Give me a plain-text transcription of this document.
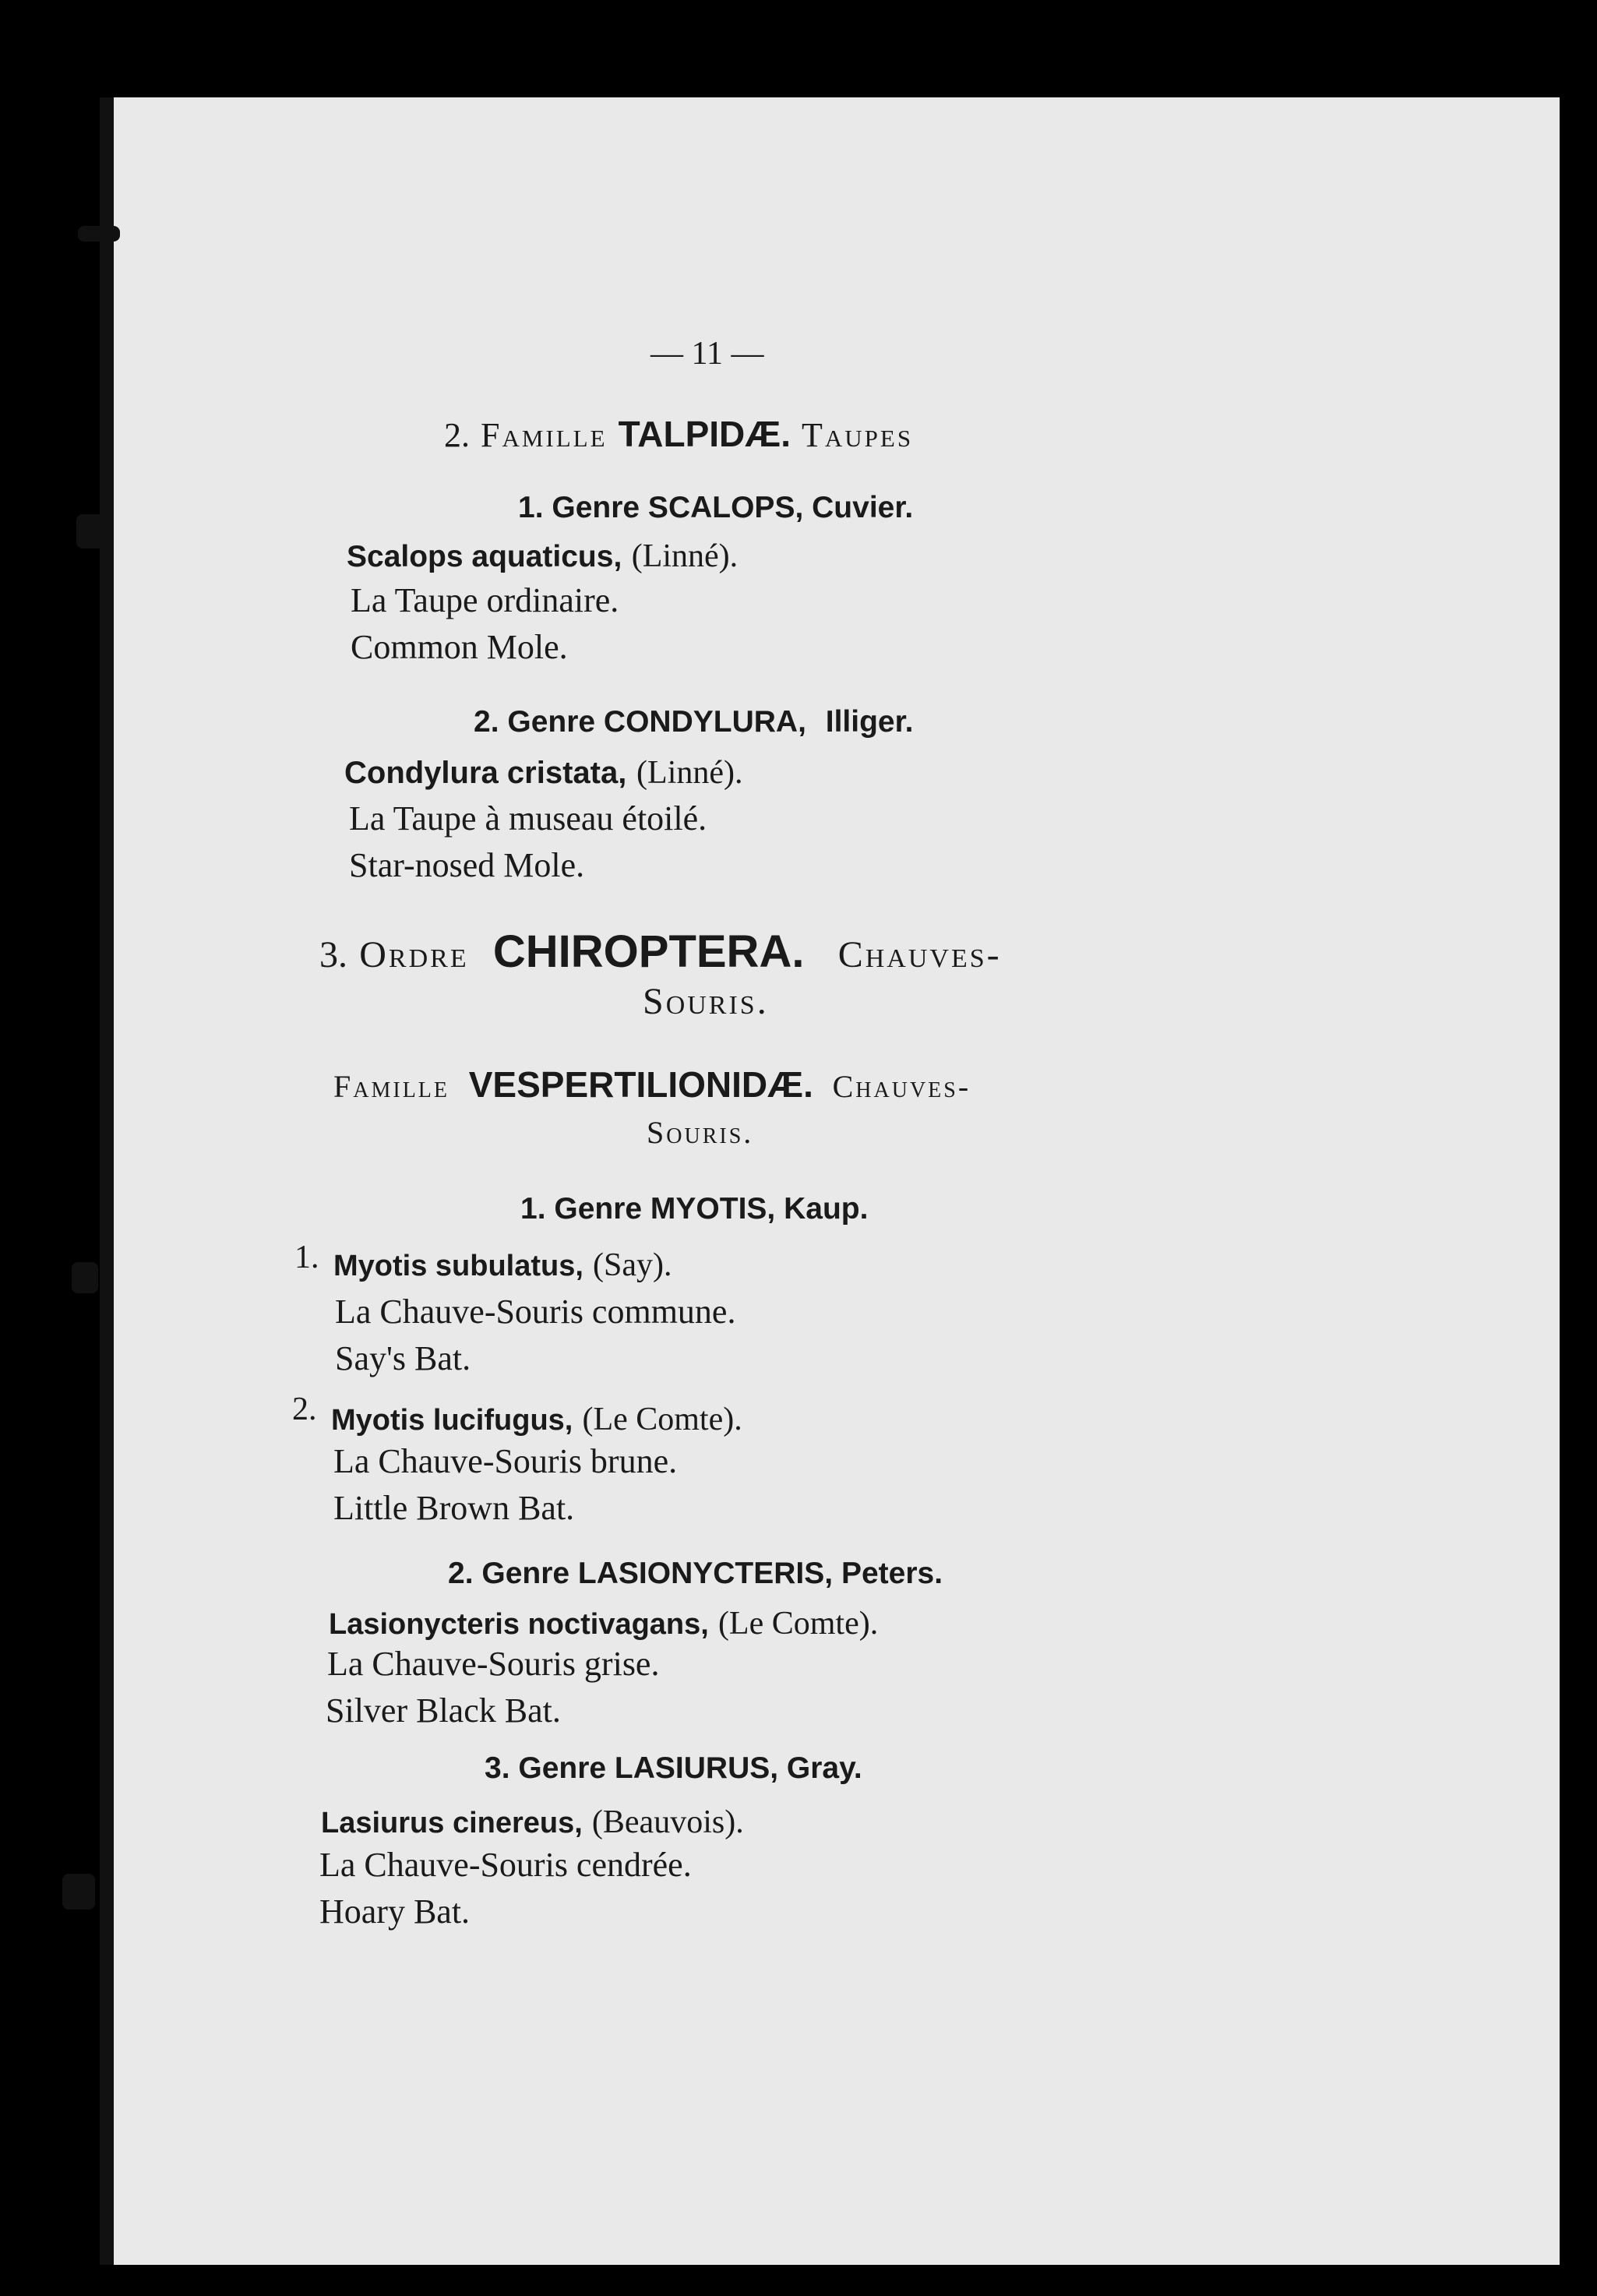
— 11 —
2. Famille TALPIDÆ. Taupes
1. Genre SCALOPS, Cuvier.
Scalops aquaticus, (Linné).
La Taupe ordinaire.
Common Mole.
2. Genre CONDYLURA, Illiger.
Condylura cristata, (Linné).
La Taupe à museau étoilé.
Star-nosed Mole.
3. Ordre CHIROPTERA. Chauves-
Souris.
Famille VESPERTILIONIDÆ. Chauves-
Souris.
1. Genre MYOTIS, Kaup.
1. Myotis subulatus, (Say).
La Chauve-Souris commune.
Say's Bat.
2. Myotis lucifugus, (Le Comte).
La Chauve-Souris brune.
Little Brown Bat.
2. Genre LASIONYCTERIS, Peters.
Lasionycteris noctivagans, (Le Comte).
La Chauve-Souris grise.
Silver Black Bat.
3. Genre LASIURUS, Gray.
Lasiurus cinereus, (Beauvois).
La Chauve-Souris cendrée.
Hoary Bat.
